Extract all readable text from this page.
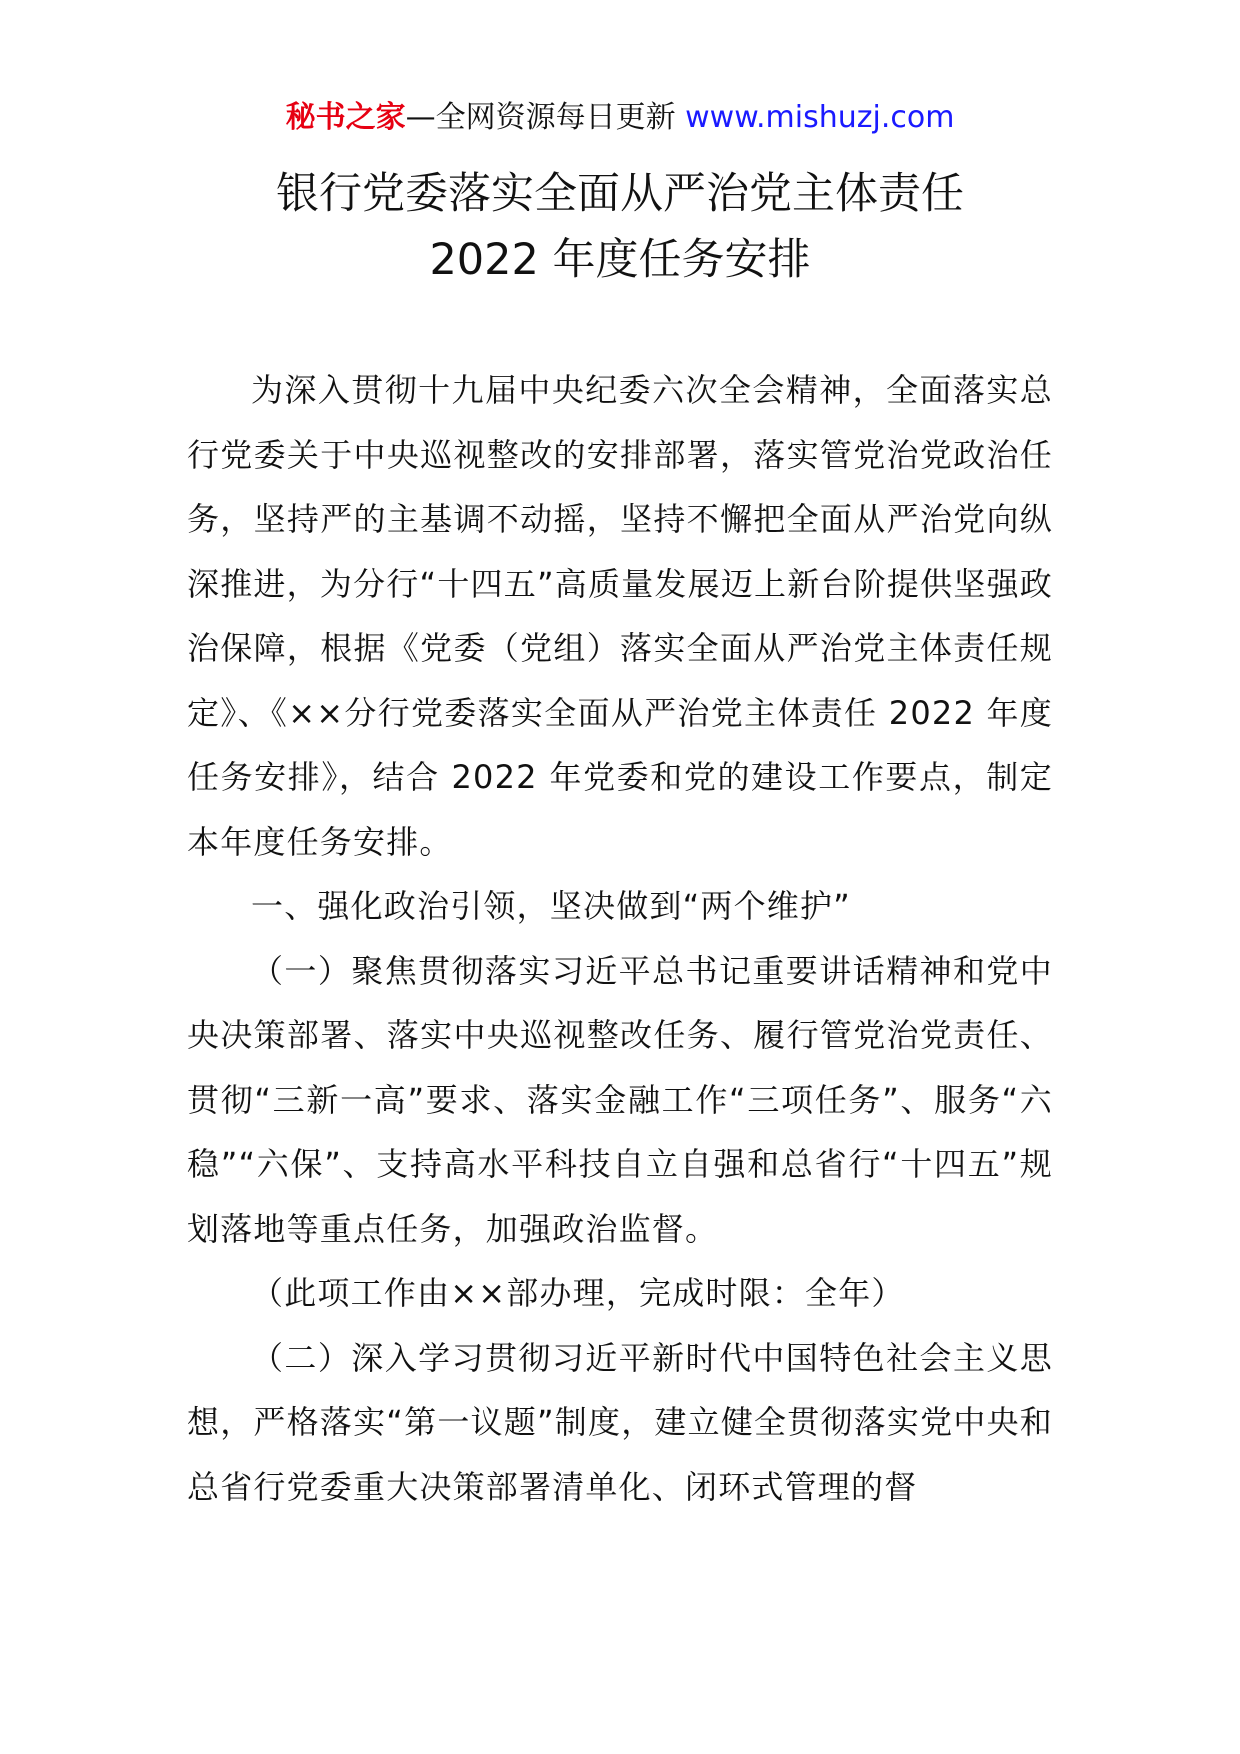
秘书之家—全网资源每日更新 www.mishuzj.com
银行党委落实全面从严治党主体责任
2022 年度任务安排

为深入贯彻十九届中央纪委六次全会精神，全面落实总行党委关于中央巡视整改的安排部署，落实管党治党政治任务，坚持严的主基调不动摇，坚持不懈把全面从严治党向纵深推进，为分行“十四五”高质量发展迈上新台阶提供坚强政治保障，根据《党委（党组）落实全面从严治党主体责任规定》、《××分行党委落实全面从严治党主体责任 2022 年度任务安排》，结合 2022 年党委和党的建设工作要点，制定本年度任务安排。

一、强化政治引领，坚决做到“两个维护”

（一）聚焦贯彻落实习近平总书记重要讲话精神和党中央决策部署、落实中央巡视整改任务、履行管党治党责任、贯彻“三新一高”要求、落实金融工作“三项任务”、服务“六稳”“六保”、支持高水平科技自立自强和总省行“十四五”规划落地等重点任务，加强政治监督。

（此项工作由××部办理，完成时限：全年）

（二）深入学习贯彻习近平新时代中国特色社会主义思想，严格落实“第一议题”制度，建立健全贯彻落实党中央和总省行党委重大决策部署清单化、闭环式管理的督
